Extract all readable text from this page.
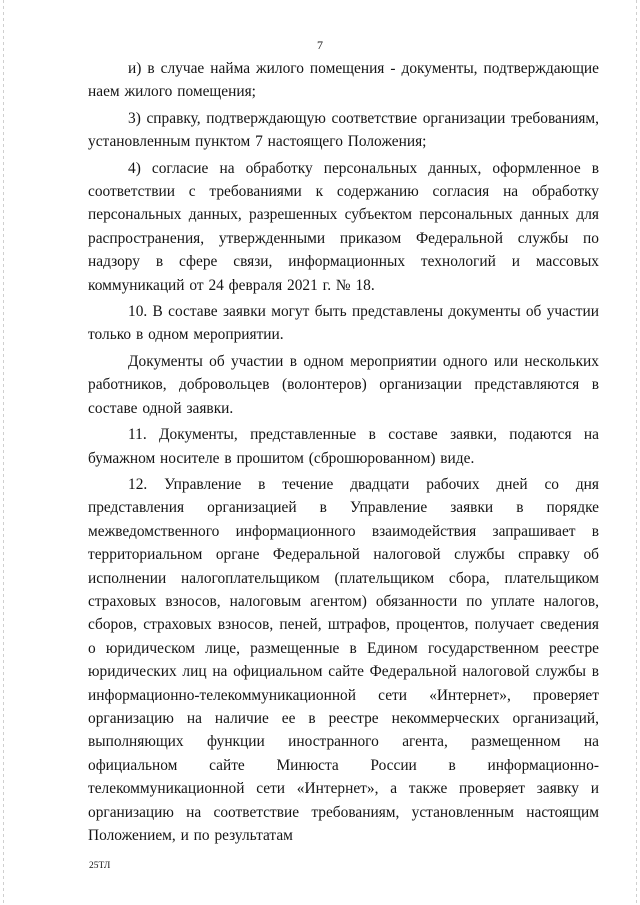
7

и) в случае найма жилого помещения - документы, подтверждающие наем жилого помещения;

3) справку, подтверждающую соответствие организации требованиям, установленным пунктом 7 настоящего Положения;

4) согласие на обработку персональных данных, оформленное в соответствии с требованиями к содержанию согласия на обработку персональных данных, разрешенных субъектом персональных данных для распространения, утвержденными приказом Федеральной службы по надзору в сфере связи, информационных технологий и массовых коммуникаций от 24 февраля 2021 г. № 18.

10. В составе заявки могут быть представлены документы об участии только в одном мероприятии.

Документы об участии в одном мероприятии одного или нескольких работников, добровольцев (волонтеров) организации представляются в составе одной заявки.

11. Документы, представленные в составе заявки, подаются на бумажном носителе в прошитом (сброшюрованном) виде.

12. Управление в течение двадцати рабочих дней со дня представления организацией в Управление заявки в порядке межведомственного информационного взаимодействия запрашивает в территориальном органе Федеральной налоговой службы справку об исполнении налогоплательщиком (плательщиком сбора, плательщиком страховых взносов, налоговым агентом) обязанности по уплате налогов, сборов, страховых взносов, пеней, штрафов, процентов, получает сведения о юридическом лице, размещенные в Едином государственном реестре юридических лиц на официальном сайте Федеральной налоговой службы в информационно-телекоммуникационной сети «Интернет», проверяет организацию на наличие ее в реестре некоммерческих организаций, выполняющих функции иностранного агента, размещенном на официальном сайте Минюста России в информационно-телекоммуникационной сети «Интернет», а также проверяет заявку и организацию на соответствие требованиям, установленным настоящим Положением, и по результатам

25ТЛ
